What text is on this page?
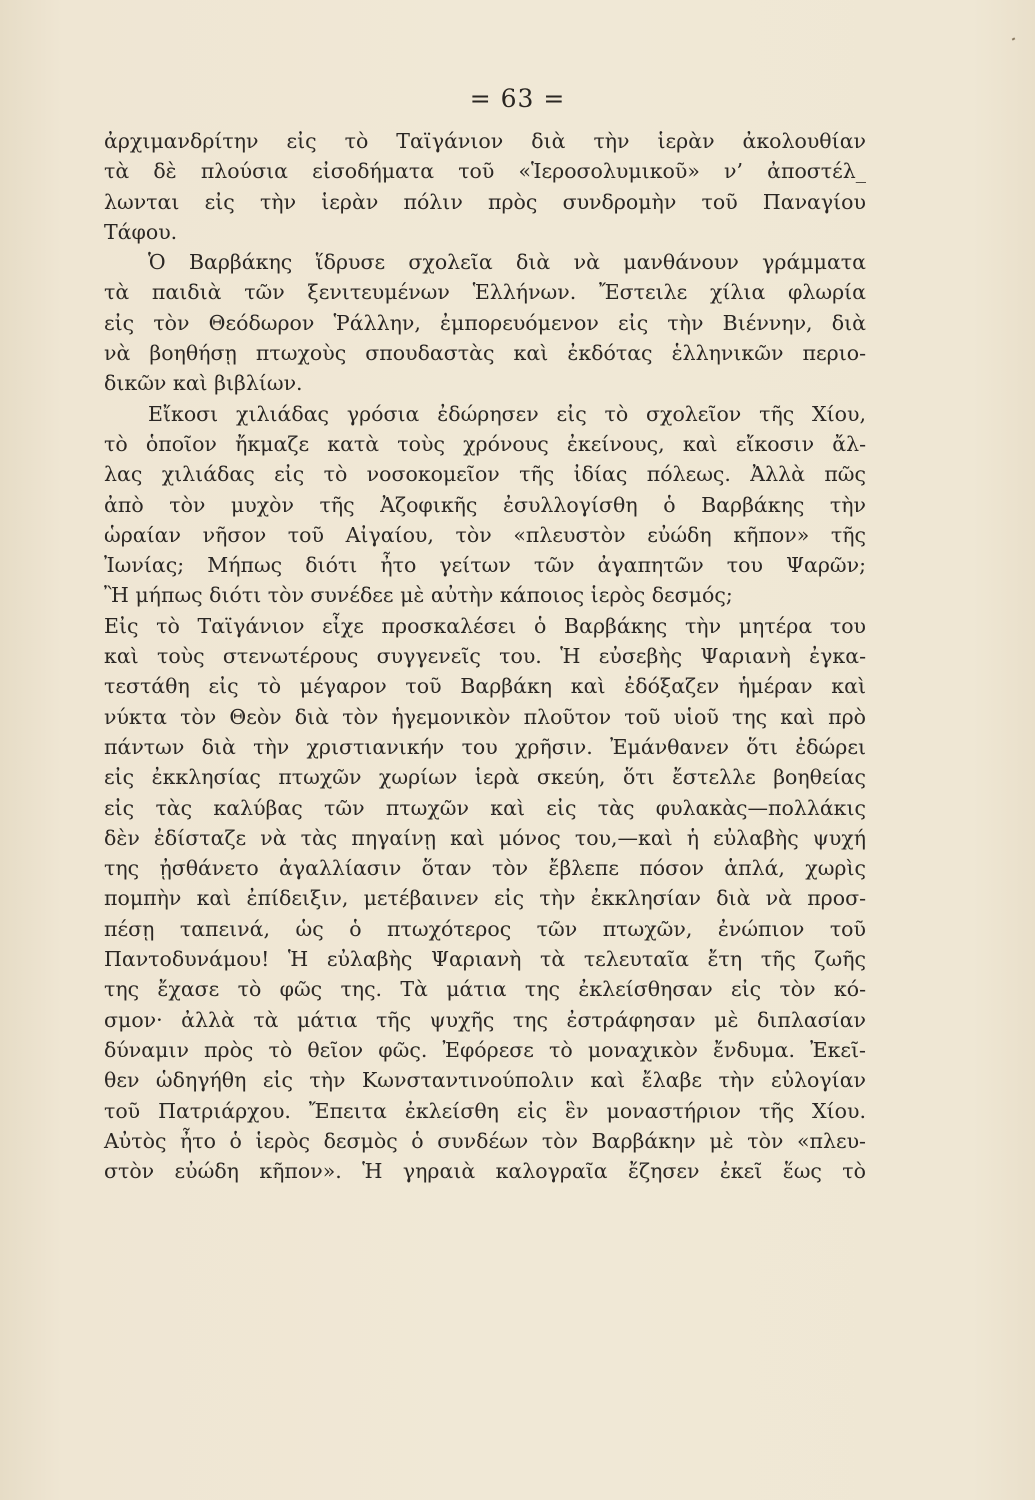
= 63 =
ἀρχιμανδρίτην εἰς τὸ Ταϊγάνιον διὰ τὴν ἱερὰν ἀκολουθίαν
τὰ δὲ πλούσια εἰσοδήματα τοῦ «Ἱεροσολυμικοῦ» ν’ ἀποστέλ_
λωνται εἰς τὴν ἱερὰν πόλιν πρὸς συνδρομὴν τοῦ Παναγίου
Τάφου.
Ὁ Βαρβάκης ἵδρυσε σχολεῖα διὰ νὰ μανθάνουν γράμματα
τὰ παιδιὰ τῶν ξενιτευμένων Ἑλλήνων. Ἔστειλε χίλια φλωρία
εἰς τὸν Θεόδωρον Ῥάλλην, ἐμπορευόμενον εἰς τὴν Βιέννην, διὰ
νὰ βοηθήσῃ πτωχοὺς σπουδαστὰς καὶ ἐκδότας ἑλληνικῶν περιο-
δικῶν καὶ βιβλίων.
Εἴκοσι χιλιάδας γρόσια ἐδώρησεν εἰς τὸ σχολεῖον τῆς Χίου,
τὸ ὁποῖον ἤκμαζε κατὰ τοὺς χρόνους ἐκείνους, καὶ εἴκοσιν ἄλ-
λας χιλιάδας εἰς τὸ νοσοκομεῖον τῆς ἰδίας πόλεως. Ἀλλὰ πῶς
ἀπὸ τὸν μυχὸν τῆς Ἀζοφικῆς ἐσυλλογίσθη ὁ Βαρβάκης τὴν
ὡραίαν νῆσον τοῦ Αἰγαίου, τὸν «πλευστὸν εὐώδη κῆπον» τῆς
Ἰωνίας; Μήπως διότι ἦτο γείτων τῶν ἀγαπητῶν του Ψαρῶν;
Ἢ μήπως διότι τὸν συνέδεε μὲ αὐτὴν κάποιος ἱερὸς δεσμός;
Εἰς τὸ Ταϊγάνιον εἶχε προσκαλέσει ὁ Βαρβάκης τὴν μητέρα του
καὶ τοὺς στενωτέρους συγγενεῖς του. Ἡ εὐσεβὴς Ψαριανὴ ἐγκα-
τεστάθη εἰς τὸ μέγαρον τοῦ Βαρβάκη καὶ ἐδόξαζεν ἡμέραν καὶ
νύκτα τὸν Θεὸν διὰ τὸν ἡγεμονικὸν πλοῦτον τοῦ υἱοῦ της καὶ πρὸ
πάντων διὰ τὴν χριστιανικήν του χρῆσιν. Ἐμάνθανεν ὅτι ἐδώρει
εἰς ἐκκλησίας πτωχῶν χωρίων ἱερὰ σκεύη, ὅτι ἔστελλε βοηθείας
εἰς τὰς καλύβας τῶν πτωχῶν καὶ εἰς τὰς φυλακὰς—πολλάκις
δὲν ἐδίσταζε νὰ τὰς πηγαίνῃ καὶ μόνος του,—καὶ ἡ εὐλαβὴς ψυχή
της ᾐσθάνετο ἀγαλλίασιν ὅταν τὸν ἔβλεπε πόσον ἁπλά, χωρὶς
πομπὴν καὶ ἐπίδειξιν, μετέβαινεν εἰς τὴν ἐκκλησίαν διὰ νὰ προσ-
πέσῃ ταπεινά, ὡς ὁ πτωχότερος τῶν πτωχῶν, ἐνώπιον τοῦ
Παντοδυνάμου! Ἡ εὐλαβὴς Ψαριανὴ τὰ τελευταῖα ἔτη τῆς ζωῆς
της ἔχασε τὸ φῶς της. Τὰ μάτια της ἐκλείσθησαν εἰς τὸν κό-
σμον· ἀλλὰ τὰ μάτια τῆς ψυχῆς της ἐστράφησαν μὲ διπλασίαν
δύναμιν πρὸς τὸ θεῖον φῶς. Ἐφόρεσε τὸ μοναχικὸν ἔνδυμα. Ἐκεῖ-
θεν ὡδηγήθη εἰς τὴν Κωνσταντινούπολιν καὶ ἔλαβε τὴν εὐλογίαν
τοῦ Πατριάρχου. Ἔπειτα ἐκλείσθη εἰς ἓν μοναστήριον τῆς Χίου.
Αὐτὸς ἦτο ὁ ἱερὸς δεσμὸς ὁ συνδέων τὸν Βαρβάκην μὲ τὸν «πλευ-
στὸν εὐώδη κῆπον». Ἡ γηραιὰ καλογραῖα ἔζησεν ἐκεῖ ἕως τὸ
